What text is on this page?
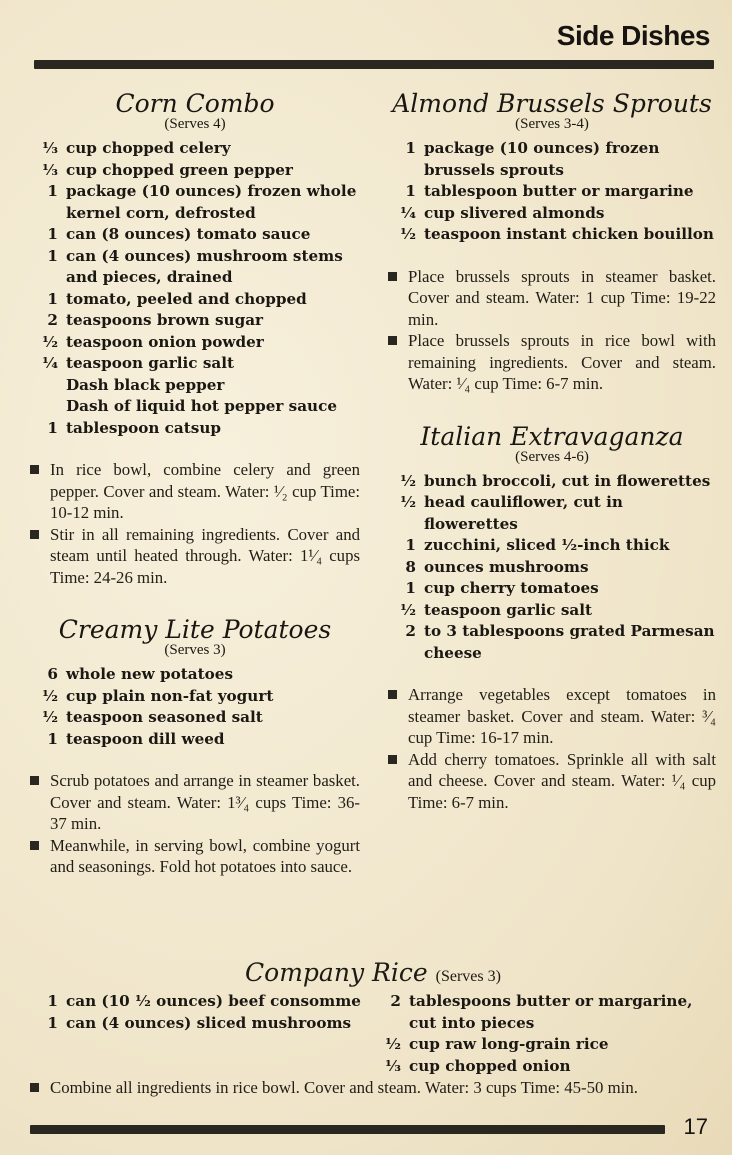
Side Dishes
Corn Combo
(Serves 4)
¹⁄₃ cup chopped celery
¹⁄₃ cup chopped green pepper
1 package (10 ounces) frozen whole kernel corn, defrosted
1 can (8 ounces) tomato sauce
1 can (4 ounces) mushroom stems and pieces, drained
1 tomato, peeled and chopped
2 teaspoons brown sugar
¹⁄₂ teaspoon onion powder
¹⁄₄ teaspoon garlic salt
Dash black pepper
Dash of liquid hot pepper sauce
1 tablespoon catsup
In rice bowl, combine celery and green pepper. Cover and steam. Water: ¹⁄₂ cup Time: 10-12 min.
Stir in all remaining ingredients. Cover and steam until heated through. Water: 1¹⁄₄ cups Time: 24-26 min.
Creamy Lite Potatoes
(Serves 3)
6 whole new potatoes
¹⁄₂ cup plain non-fat yogurt
¹⁄₂ teaspoon seasoned salt
1 teaspoon dill weed
Scrub potatoes and arrange in steamer basket. Cover and steam. Water: 1³⁄₄ cups Time: 36-37 min.
Meanwhile, in serving bowl, combine yogurt and seasonings. Fold hot potatoes into sauce.
Almond Brussels Sprouts
(Serves 3-4)
1 package (10 ounces) frozen brussels sprouts
1 tablespoon butter or margarine
¹⁄₄ cup slivered almonds
¹⁄₂ teaspoon instant chicken bouillon
Place brussels sprouts in steamer basket. Cover and steam. Water: 1 cup Time: 19-22 min.
Place brussels sprouts in rice bowl with remaining ingredients. Cover and steam. Water: ¹⁄₄ cup Time: 6-7 min.
Italian Extravaganza
(Serves 4-6)
¹⁄₂ bunch broccoli, cut in flowerettes
¹⁄₂ head cauliflower, cut in flowerettes
1 zucchini, sliced ¹⁄₂-inch thick
8 ounces mushrooms
1 cup cherry tomatoes
¹⁄₂ teaspoon garlic salt
2 to 3 tablespoons grated Parmesan cheese
Arrange vegetables except tomatoes in steamer basket. Cover and steam. Water: ³⁄₄ cup Time: 16-17 min.
Add cherry tomatoes. Sprinkle all with salt and cheese. Cover and steam. Water: ¹⁄₄ cup Time: 6-7 min.
Company Rice (Serves 3)
1 can (10 ¹⁄₂ ounces) beef consomme
1 can (4 ounces) sliced mushrooms
2 tablespoons butter or margarine, cut into pieces
¹⁄₂ cup raw long-grain rice
¹⁄₃ cup chopped onion
Combine all ingredients in rice bowl. Cover and steam. Water: 3 cups Time: 45-50 min.
17
